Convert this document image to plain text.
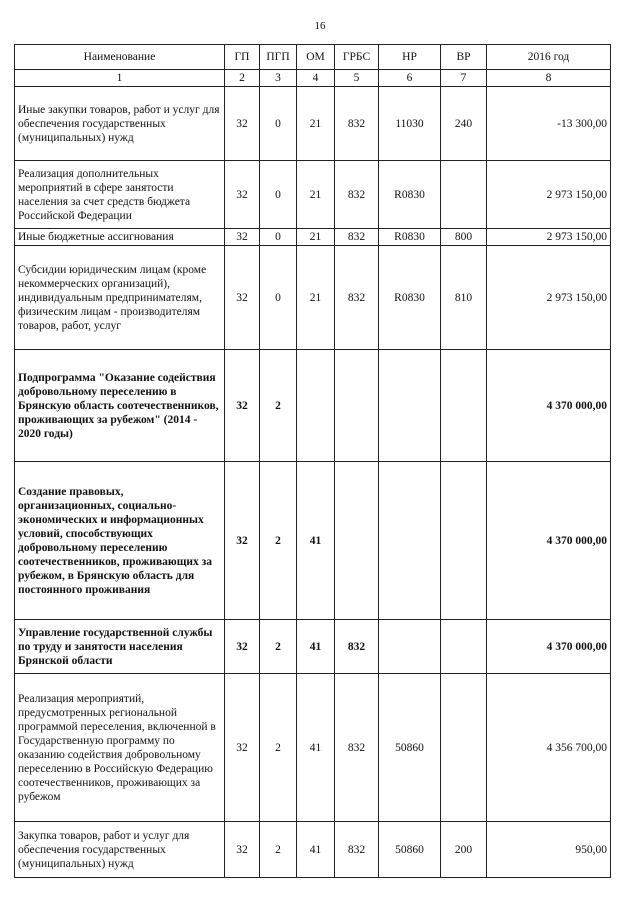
16
Наименование	ГП	ПГП	ОМ	ГРБС	НР	ВР	2016 год
1	2	3	4	5	6	7	8
Иные закупки товаров, работ и услуг для обеспечения государственных (муниципальных) нужд	32	0	21	832	11030	240	-13 300,00
Реализация дополнительных мероприятий в сфере занятости населения за счет средств бюджета Российской Федерации	32	0	21	832	R0830		2 973 150,00
Иные бюджетные ассигнования	32	0	21	832	R0830	800	2 973 150,00
Субсидии юридическим лицам (кроме некоммерческих организаций), индивидуальным предпринимателям, физическим лицам - производителям товаров, работ, услуг	32	0	21	832	R0830	810	2 973 150,00
Подпрограмма "Оказание содействия добровольному переселению в Брянскую область соотечественников, проживающих за рубежом" (2014 - 2020 годы)	32	2					4 370 000,00
Создание правовых, организационных, социально-экономических и информационных условий, способствующих добровольному переселению соотечественников, проживающих за рубежом, в Брянскую область для постоянного проживания	32	2	41				4 370 000,00
Управление государственной службы по труду и занятости населения Брянской области	32	2	41	832			4 370 000,00
Реализация мероприятий, предусмотренных региональной программой переселения, включенной в Государственную программу по оказанию содействия добровольному переселению в Российскую Федерацию соотечественников, проживающих за рубежом	32	2	41	832	50860		4 356 700,00
Закупка товаров, работ и услуг для обеспечения государственных (муниципальных) нужд	32	2	41	832	50860	200	950,00
